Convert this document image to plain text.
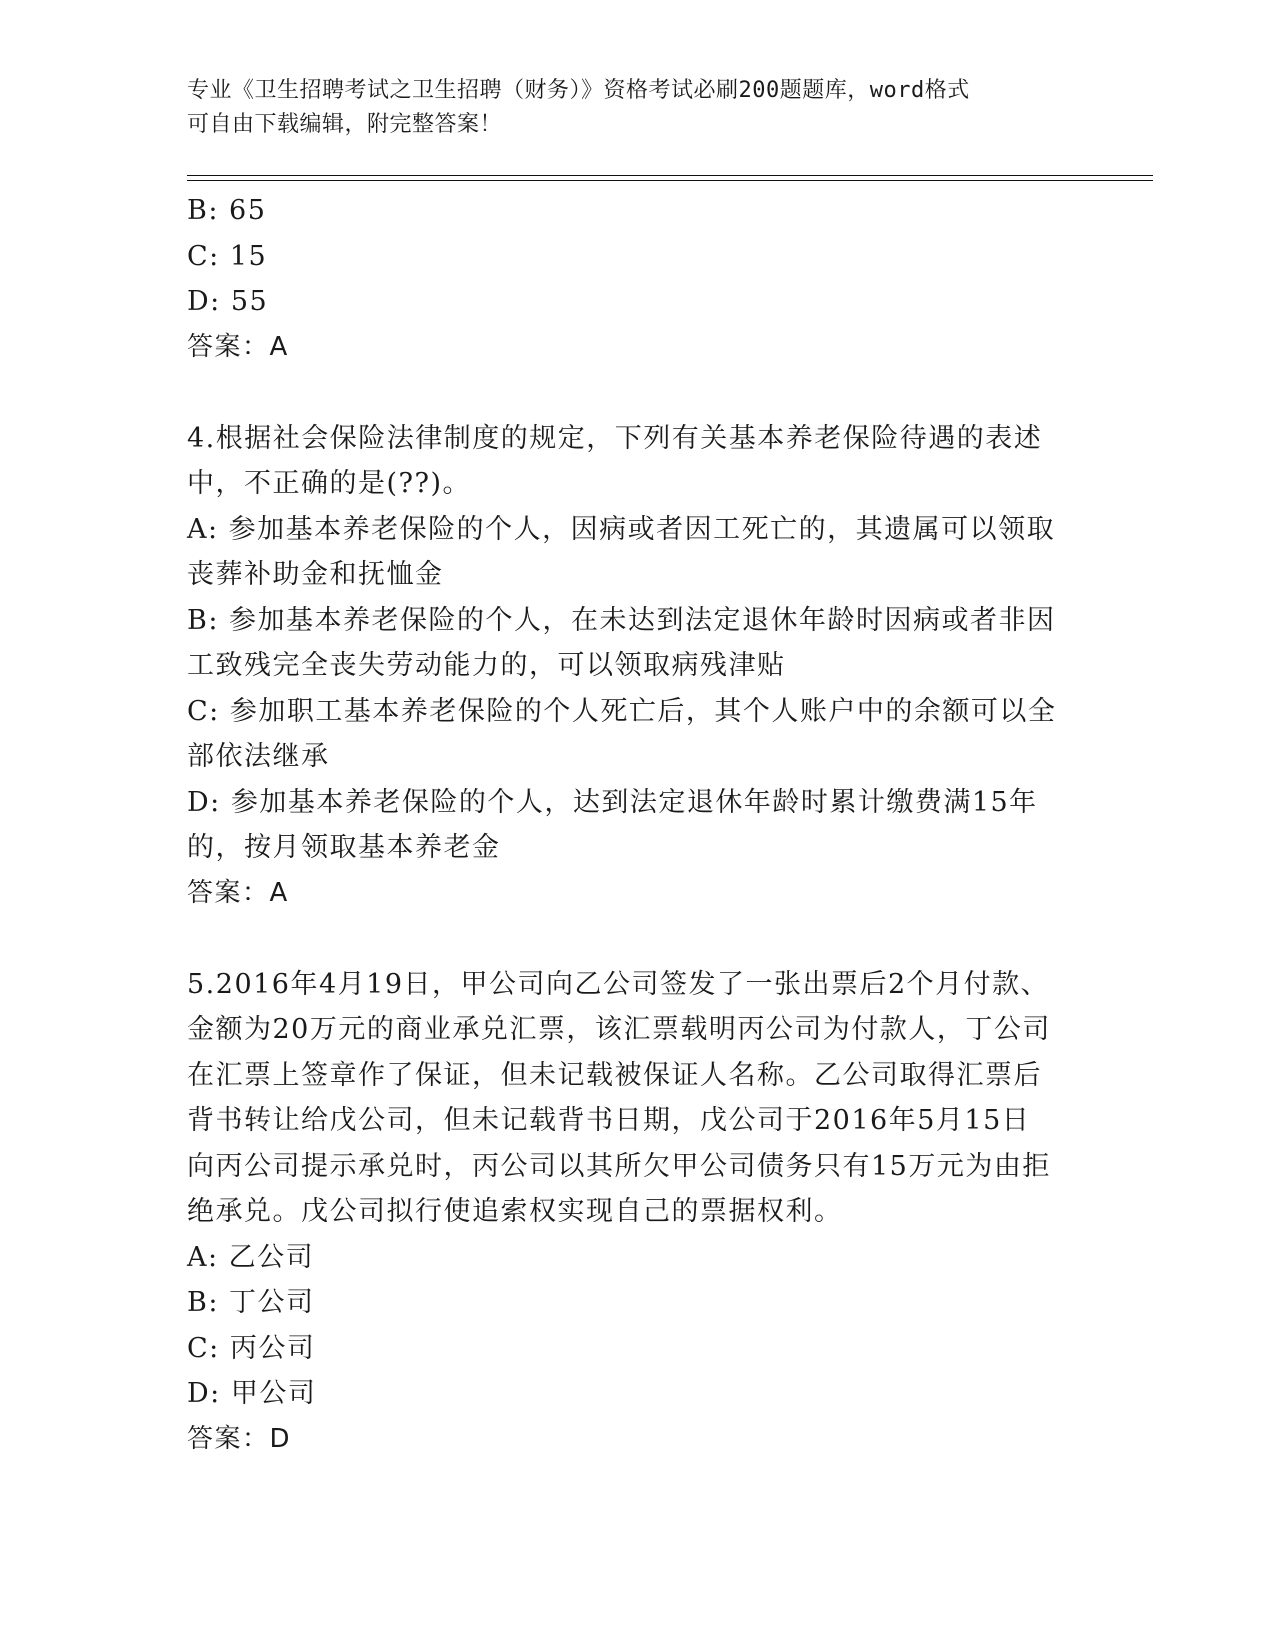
专业《卫生招聘考试之卫生招聘（财务）》资格考试必刷200题题库，word格式
可自由下载编辑，附完整答案！
B: 65
C: 15
D: 55
答案：A
4.根据社会保险法律制度的规定，下列有关基本养老保险待遇的表述
中，不正确的是(??)。
A: 参加基本养老保险的个人，因病或者因工死亡的，其遗属可以领取
丧葬补助金和抚恤金
B: 参加基本养老保险的个人，在未达到法定退休年龄时因病或者非因
工致残完全丧失劳动能力的，可以领取病残津贴
C: 参加职工基本养老保险的个人死亡后，其个人账户中的余额可以全
部依法继承
D: 参加基本养老保险的个人，达到法定退休年龄时累计缴费满15年
的，按月领取基本养老金
答案：A
5.2016年4月19日，甲公司向乙公司签发了一张出票后2个月付款、
金额为20万元的商业承兑汇票，该汇票载明丙公司为付款人，丁公司
在汇票上签章作了保证，但未记载被保证人名称。乙公司取得汇票后
背书转让给戊公司，但未记载背书日期，戊公司于2016年5月15日
向丙公司提示承兑时，丙公司以其所欠甲公司债务只有15万元为由拒
绝承兑。戊公司拟行使追索权实现自己的票据权利。
A: 乙公司
B: 丁公司
C: 丙公司
D: 甲公司
答案：D
